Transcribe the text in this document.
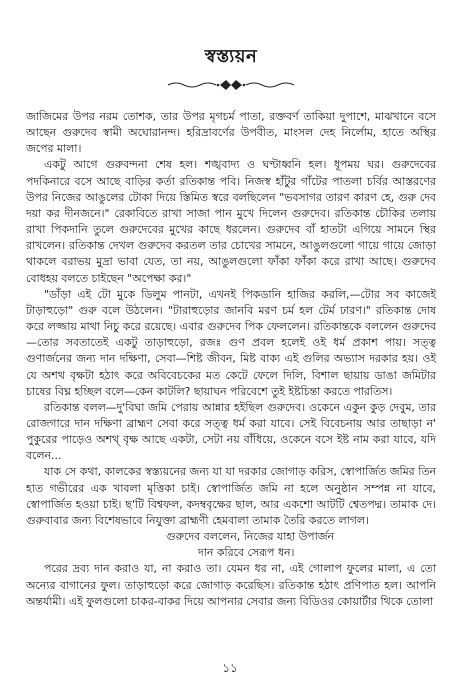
স্বস্ত্যয়ন

জাজিমের উপর নরম তোশক, তার উপর মৃগচর্ম পাতা, রক্তবর্ণ তাকিয়া দুপাশে, মাঝখানে বসে আছেন গুরুদেব স্বামী অঘোরানন্দ। হরিদ্রাবর্ণের উপবীত, মাংসল দেহ নির্লোম, হাতে অস্থির জপের মালা।

একটু আগে গুরুবন্দনা শেষ হল। শঙ্খবাদ্য ও ঘণ্টাধ্বনি হল। ধূপময় ঘর। গুরুদেবের পদকিনারে বসে আছে বাড়ির কর্তা রতিকান্ত পবি। নিজস্ব হাঁটুর গাঁটের পাতলা চর্বির আস্তরণের উপর নিজের আঙুলের টোকা দিয়ে স্তিমিত স্বরে বলছিলেন "ভবসাগর তারণ কারণ হে, গুরু দেব দয়া কর দীনজনে।" রেকাবিতে রাখা সাজা পান মুখে দিলেন গুরুদেব। রতিকান্ত চৌকির তলায় রাখা পিকদানি তুলে গুরুদেবের মুখের কাছে ধরলেন। গুরুদেব বাঁ হাতটা এগিয়ে সামনে স্থির রাখলেন। রতিকান্ত দেখল গুরুদেব করতল তার চোখের সামনে, আঙুলগুলো গায়ে গায়ে জোড়া থাকলে বরাভয় মুদ্রা ভাবা যেত, তা নয়, আঙুলগুলো ফাঁকা ফাঁকা করে রাখা আছে। গুরুদেব বোধহয় বলতে চাইছেন "অপেক্ষা কর।"

"ডাঁড়া এই টো মুকে ডিলুম পানটা, এখনই পিকডানি হাজির করলি,—টোর সব কাজেই টাড়াহুড়ো" গুরু বলে উঠলেন। "টারাহুড়োর জানবি মরণ চর্ম হল টের্ম ঢারণ।" রতিকান্ত দোষ করে লজ্জায় মাথা নিচু করে রয়েছে। এবার গুরুদেব পিক ফেললেন। রতিকান্তকে বললেন গুরুদেব—তোর সবতাতেই একটু তাড়াহুড়ো, রজঃ গুণ প্রবল হলেই ওই ধর্ম প্রকাশ পায়। সত্ত্ব গুণার্জনের জন্য দান দক্ষিণা, সেবা—শিষ্ট জীবন, মিষ্ট বাক্য এই গুলির অভ্যাস দরকার হয়। ওই যে অশথ বৃক্ষটা হঠাৎ করে অবিবেচকের মত কেটে ফেলে দিলি, বিশাল ছায়ায় ডাঙা জমিটার চাষের বিঘ্ন হচ্ছিল বলে—কেন কাটলি? ছায়াঘন পরিবেশে তুই ইষ্টচিন্তা করতে পারতিস।

রতিকান্ত বলল—দু'বিঘা জমি পেরায় আন্নার হইছিল গুরুদেব। ওকেনে একুন কুড় দেবুম, তার রোজগারে দান দক্ষিণা ব্রাহ্মণ সেবা করে সত্ত্ব ধর্ম করা যাবে। সেই বিবেচনায় আর তাছাড়া ন' পুকুরের পাড়েও অশথ্ বৃক্ষ আছে একটা, সেটা নয় বাঁধিয়ে, ওকেনে বসে ইষ্ট নাম করা যাবে, যদি বলেন...

যাক সে কথা, কালকের স্বস্ত্যয়নের জন্য যা যা দরকার জোগাড় করিস, স্বোপার্জিত জমির তিন হাত গভীরের এক খাবলা মৃত্তিকা চাই। স্বোপার্জিত জমি না হলে অনুষ্ঠান সম্পন্ন না যাবে, স্বোপার্জিত হওয়া চাই। ছ'টি বিশ্বফল, কদম্ববৃক্ষের ছাল, আর একশো আটটি শ্বেতপদ্ম। তামাক দে। গুরুবাবার জন্য বিশেষভাবে নিযুক্তা ব্রাহ্মণী হেমবালা তামাক তৈরি করতে লাগল।

গুরুদেব বললেন, নিজের যাহা উপার্জন

দান করিবে সেরূপ ধন।

পরের দ্রব্য দান করাও যা, না করাও তা। যেমন ধর না, এই গোলাপ ফুলের মালা, এ তো অন্যের বাগানের ফুল। তাড়াহুড়ো করে জোগাড় করেছিস। রতিকান্ত হঠাৎ প্রণিপাত হল। আপনি অন্তর্যামী। এই ফুলগুলো চাকর-বাকর দিয়ে আপনার সেবার জন্য বিডিওর কোয়ার্টার থিকে তোলা

১১
